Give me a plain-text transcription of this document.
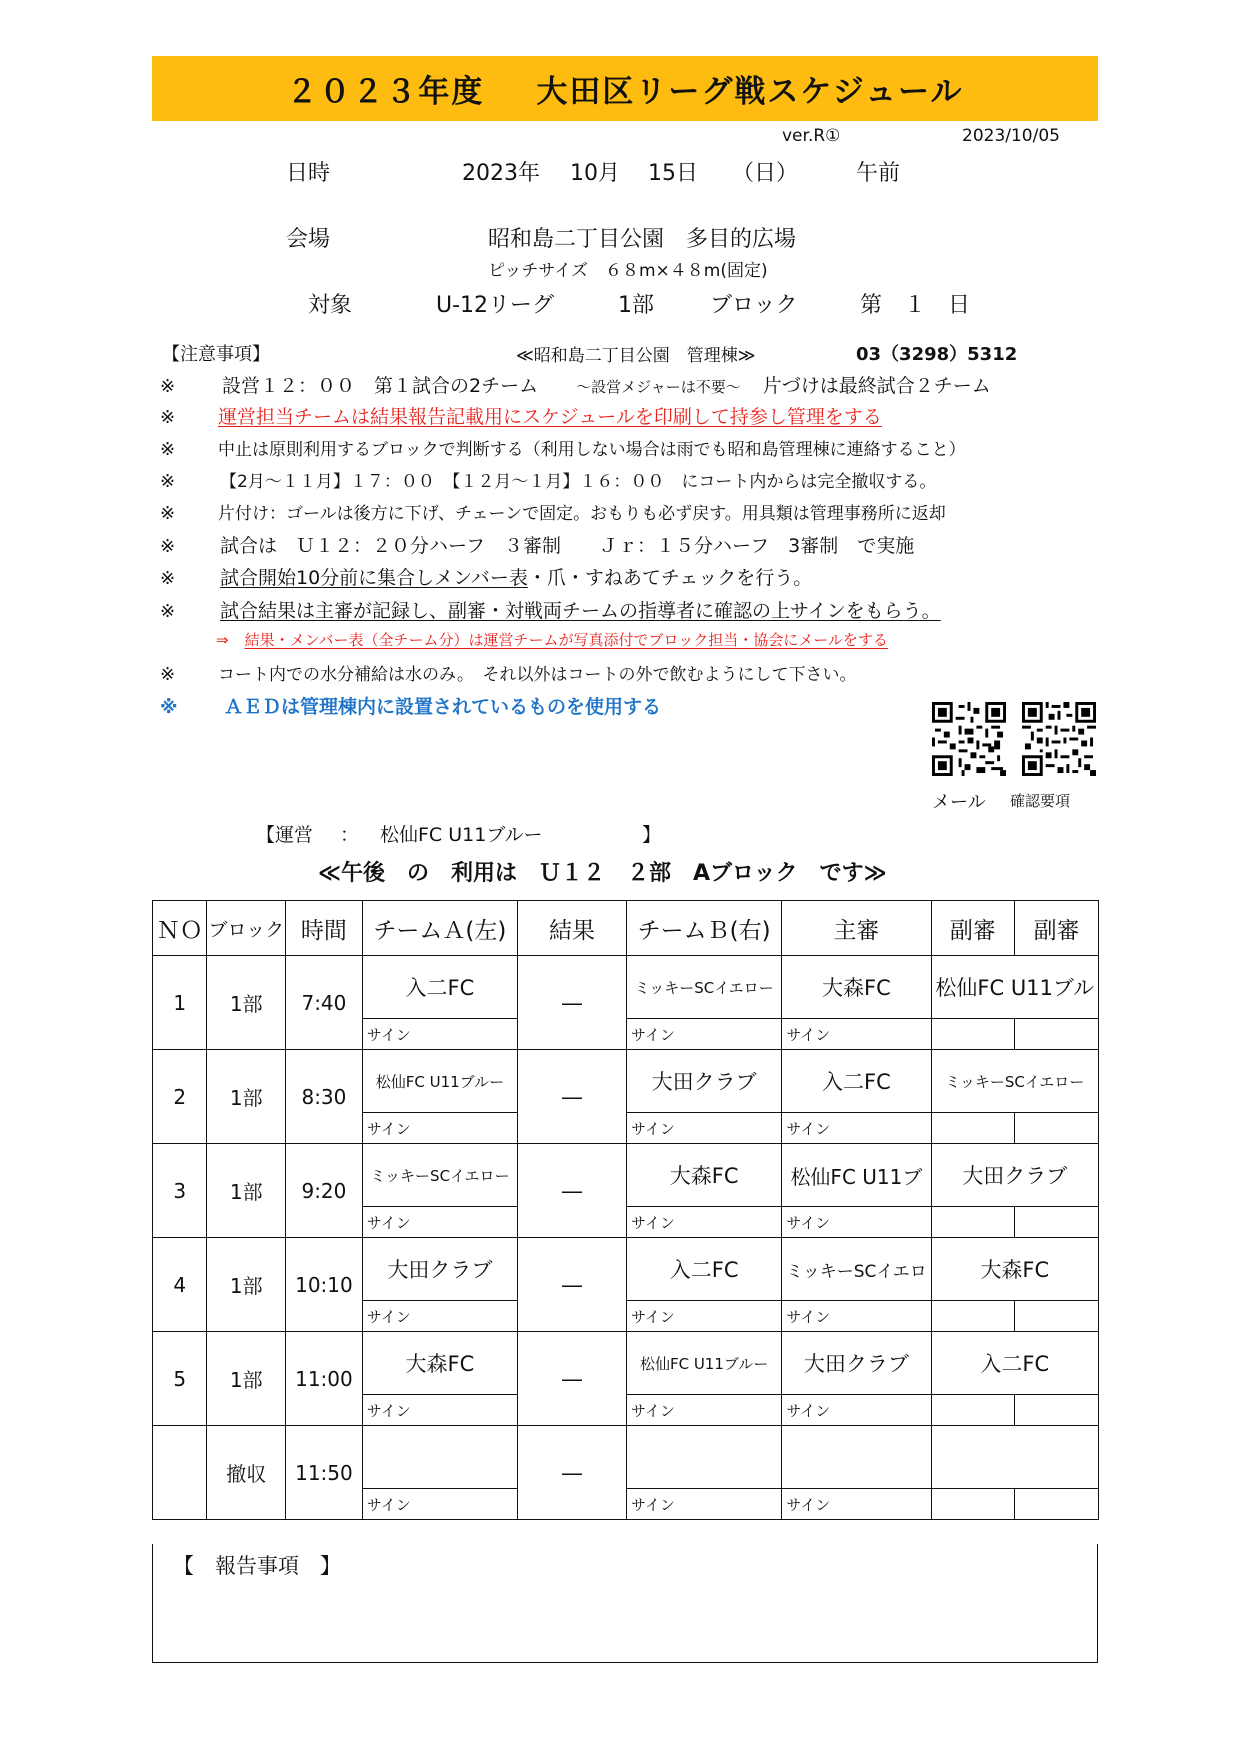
２０２３年度 大田区リーグ戦スケジュール
ver.R①	2023/10/05
日時	2023年 10月 15日 （日）	午前
会場	昭和島二丁目公園　多目的広場
ピッチサイズ　６８m×４８m(固定)
対象	U-12リーグ	1部	ブロック	第　１　日
【注意事項】	≪昭和島二丁目公園　管理棟≫	03（3298）5312
※	設営１２：００　第１試合の2チーム	～設営メジャーは不要～ 片づけは最終試合２チーム
※	運営担当チームは結果報告記載用にスケジュールを印刷して持参し管理をする
※	中止は原則利用するブロックで判断する（利用しない場合は雨でも昭和島管理棟に連絡すること）
※	【2月～１１月】１７：００　【１２月～１月】１６：００　にコート内からは完全撤収する。
※	片付け：ゴールは後方に下げ、チェーンで固定。おもりも必ず戻す。用具類は管理事務所に返却
※	試合は　Ｕ１２：２０分ハーフ　３審制　　Ｊｒ：１５分ハーフ　3審制　で実施
※	試合開始10分前に集合しメンバー表 ・爪・すねあてチェックを行う。
※	試合結果は主審が記録し、副審・対戦両チームの指導者に確認の上サインをもらう。
⇒ 結果・メンバー表（全チーム分）は運営チームが写真添付でブロック担当・協会にメールをする
※	コート内での水分補給は水のみ。　それ以外はコートの外で飲むようにして下さい。
※	ＡＥＤは管理棟内に設置されているものを使用する
メール 確認要項
【運営 ： 松仙FC U11ブルー	】
≪午後　の　利用は　Ｕ１２　２部　Aブロック　です≫
ＮＯ	ブロック	時間	チームＡ(左)	結果	チームＢ(右)	主審	副審	副審
1	1部	7:40	入二FC	―	ミッキーSCイエロー	大森FC	松仙FC U11ブル	
			サイン		サイン	サイン		
2	1部	8:30	松仙FC U11ブルー	―	大田クラブ	入二FC	ミッキーSCイエロー	
			サイン		サイン	サイン		
3	1部	9:20	ミッキーSCイエロー	―	大森FC	松仙FC U11ブ	大田クラブ	
			サイン		サイン	サイン		
4	1部	10:10	大田クラブ	―	入二FC	ミッキーSCイエロ	大森FC	
			サイン		サイン	サイン		
5	1部	11:00	大森FC	―	松仙FC U11ブルー	大田クラブ	入二FC	
			サイン		サイン	サイン		
	撤収	11:50		―				
			サイン		サイン	サイン		
【　報告事項　】
